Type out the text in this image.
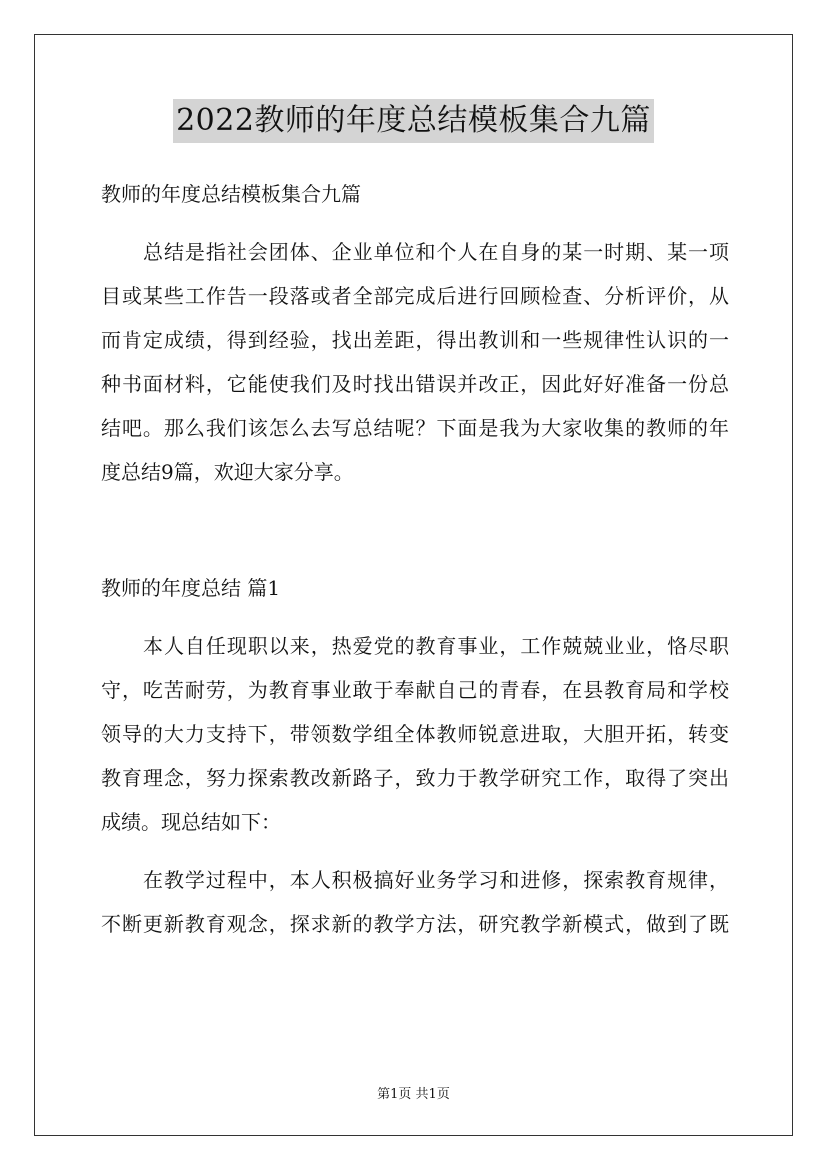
2022教师的年度总结模板集合九篇
教师的年度总结模板集合九篇
总结是指社会团体、企业单位和个人在自身的某一时期、某一项
目或某些工作告一段落或者全部完成后进行回顾检查、分析评价，从
而肯定成绩，得到经验，找出差距，得出教训和一些规律性认识的一
种书面材料，它能使我们及时找出错误并改正，因此好好准备一份总
结吧。那么我们该怎么去写总结呢？下面是我为大家收集的教师的年
度总结9篇，欢迎大家分享。
教师的年度总结 篇1
本人自任现职以来，热爱党的教育事业，工作兢兢业业，恪尽职
守，吃苦耐劳，为教育事业敢于奉献自己的青春，在县教育局和学校
领导的大力支持下，带领数学组全体教师锐意进取，大胆开拓，转变
教育理念，努力探索教改新路子，致力于教学研究工作，取得了突出
成绩。现总结如下：
在教学过程中，本人积极搞好业务学习和进修，探索教育规律，
不断更新教育观念，探求新的教学方法，研究教学新模式，做到了既
第1页 共1页
